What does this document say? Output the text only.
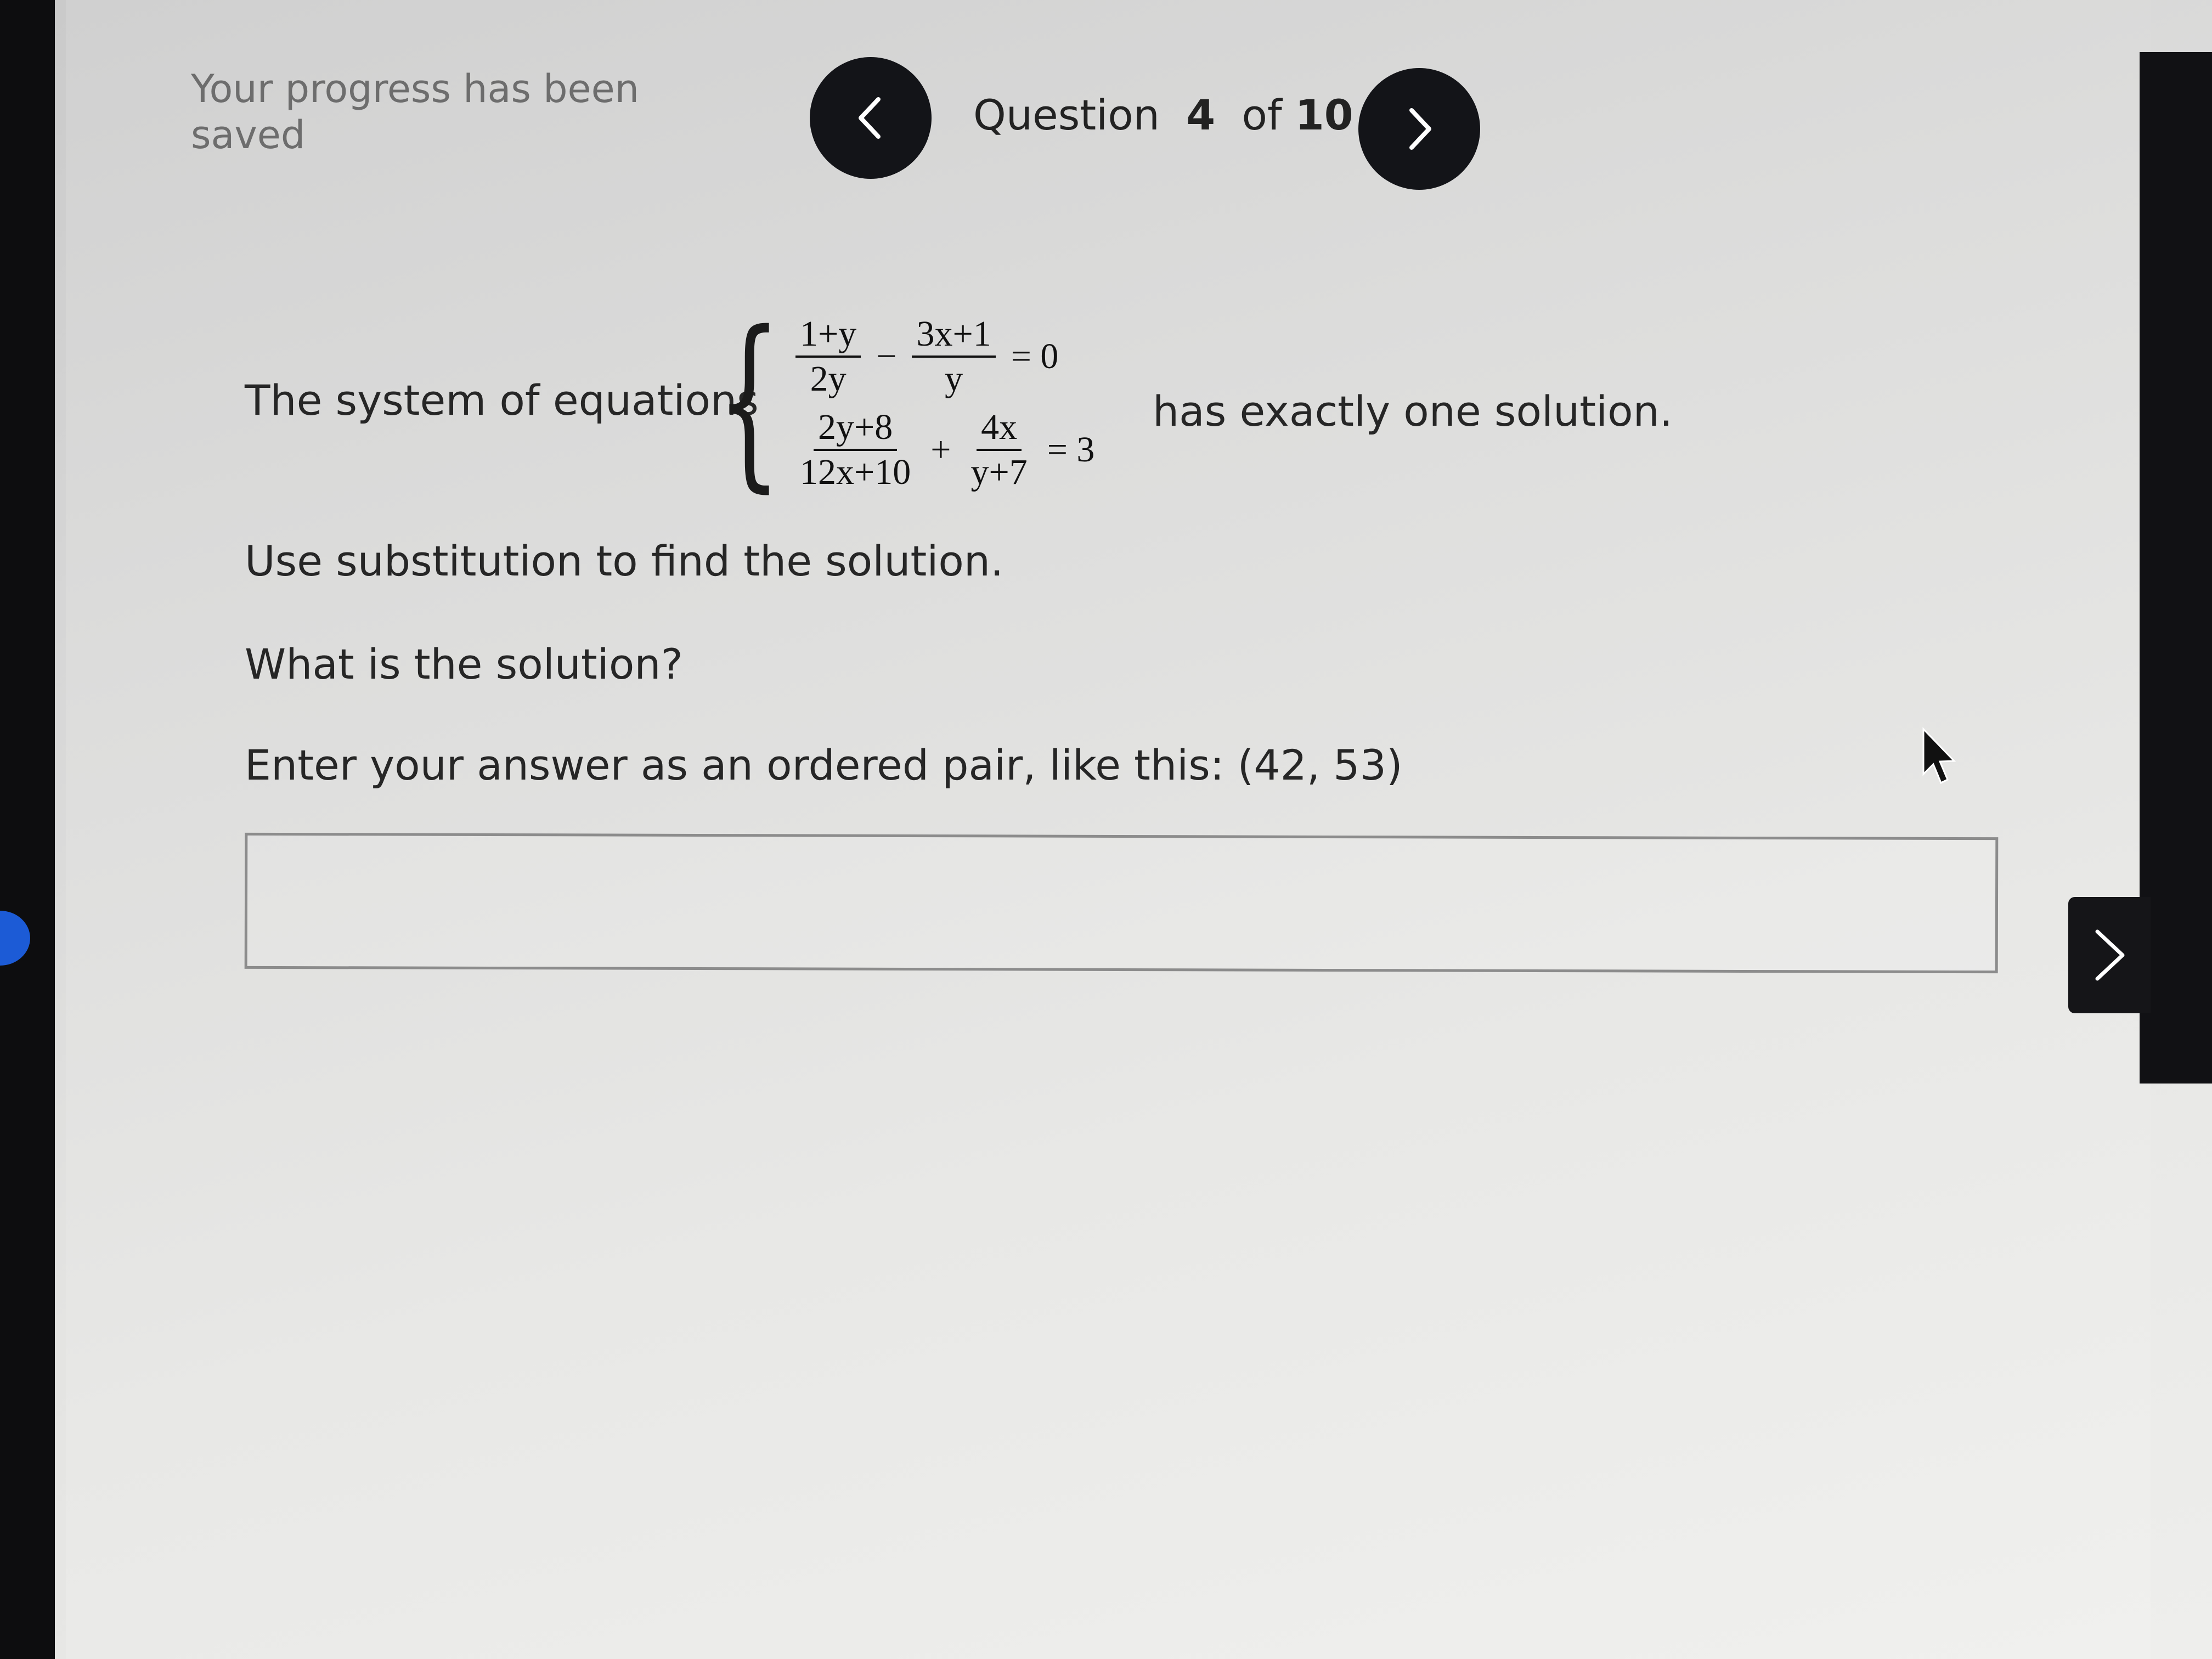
Your progress has been saved	Question 4 of 10
The system of equations
{ $\frac{1+y}{2y} - \frac{3x+1}{y} = 0$
$\frac{2y+8}{12x+10} + \frac{4x}{y+7} = 3$
has exactly one solution.
Use substitution to find the solution.
What is the solution?
Enter your answer as an ordered pair, like this: (42, 53)
